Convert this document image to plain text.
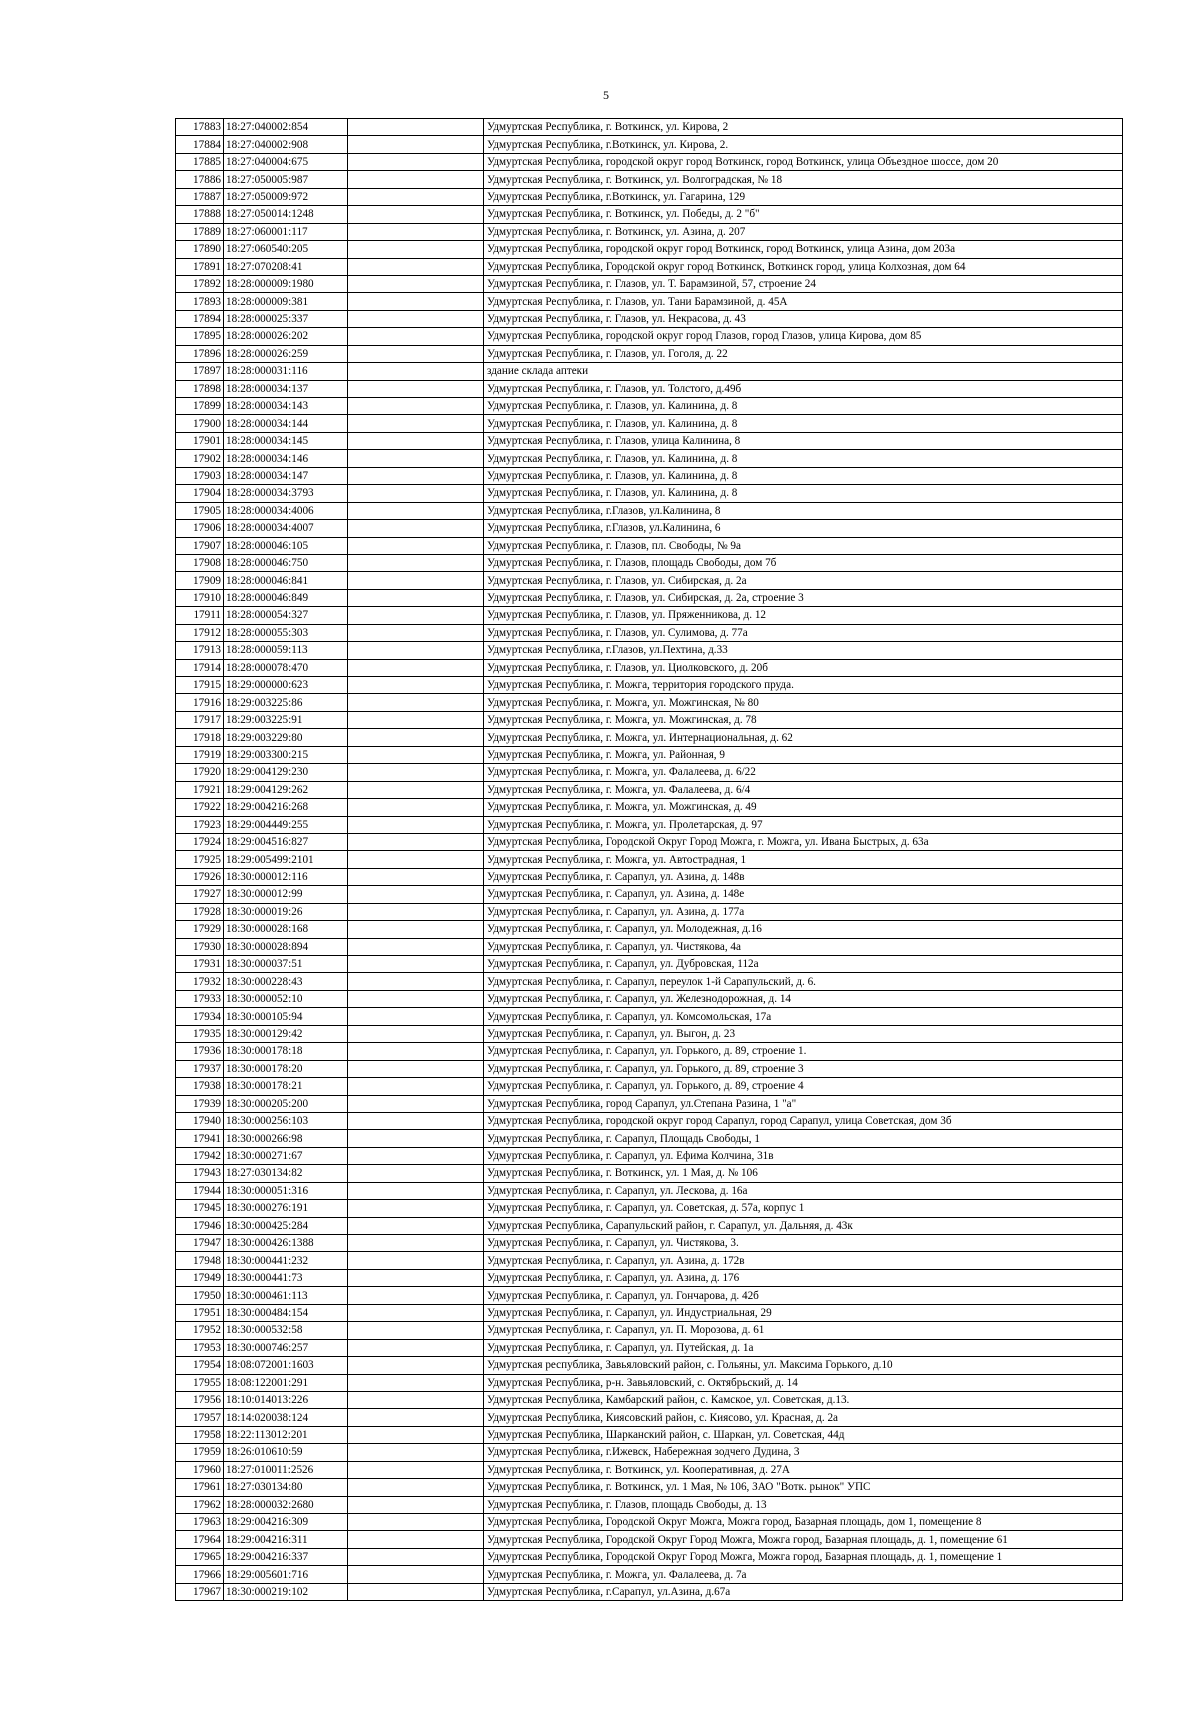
5
17883	18:27:040002:854		Удмуртская Республика, г. Воткинск, ул. Кирова, 2
17884	18:27:040002:908		Удмуртская Республика, г.Воткинск, ул. Кирова, 2.
17885	18:27:040004:675		Удмуртская Республика, городской округ город Воткинск, город Воткинск, улица Объездное шоссе, дом 20
17886	18:27:050005:987		Удмуртская Республика, г. Воткинск, ул. Волгоградская, № 18
17887	18:27:050009:972		Удмуртская Республика, г.Воткинск, ул. Гагарина, 129
17888	18:27:050014:1248		Удмуртская Республика, г. Воткинск, ул. Победы, д. 2 "б"
17889	18:27:060001:117		Удмуртская Республика, г. Воткинск, ул. Азина, д. 207
17890	18:27:060540:205		Удмуртская Республика, городской округ город Воткинск, город Воткинск, улица Азина, дом 203а
17891	18:27:070208:41		Удмуртская Республика, Городской округ город Воткинск, Воткинск город, улица Колхозная, дом 64
17892	18:28:000009:1980		Удмуртская Республика, г. Глазов, ул. Т. Барамзиной, 57, строение 24
17893	18:28:000009:381		Удмуртская Республика, г. Глазов, ул. Тани Барамзиной, д. 45А
17894	18:28:000025:337		Удмуртская Республика, г. Глазов, ул. Некрасова, д. 43
17895	18:28:000026:202		Удмуртская Республика, городской округ город Глазов, город Глазов, улица Кирова, дом 85
17896	18:28:000026:259		Удмуртская Республика, г. Глазов, ул. Гоголя, д. 22
17897	18:28:000031:116		здание склада аптеки
17898	18:28:000034:137		Удмуртская Республика, г. Глазов, ул. Толстого, д.49б
17899	18:28:000034:143		Удмуртская Республика, г. Глазов, ул. Калинина, д. 8
17900	18:28:000034:144		Удмуртская Республика, г. Глазов, ул. Калинина, д. 8
17901	18:28:000034:145		Удмуртская Республика, г. Глазов, улица Калинина, 8
17902	18:28:000034:146		Удмуртская Республика, г. Глазов, ул. Калинина, д. 8
17903	18:28:000034:147		Удмуртская Республика, г. Глазов, ул. Калинина, д. 8
17904	18:28:000034:3793		Удмуртская Республика, г. Глазов, ул. Калинина, д. 8
17905	18:28:000034:4006		Удмуртская Республика, г.Глазов, ул.Калинина, 8
17906	18:28:000034:4007		Удмуртская Республика, г.Глазов, ул.Калинина, 6
17907	18:28:000046:105		Удмуртская Республика, г. Глазов, пл. Свободы, № 9а
17908	18:28:000046:750		Удмуртская Республика, г. Глазов, площадь Свободы, дом 7б
17909	18:28:000046:841		Удмуртская Республика, г. Глазов, ул. Сибирская, д. 2а
17910	18:28:000046:849		Удмуртская Республика, г. Глазов, ул. Сибирская, д. 2а, строение 3
17911	18:28:000054:327		Удмуртская Республика, г. Глазов, ул. Пряженникова, д. 12
17912	18:28:000055:303		Удмуртская Республика, г. Глазов, ул. Сулимова, д. 77а
17913	18:28:000059:113		Удмуртская Республика, г.Глазов, ул.Пехтина, д.33
17914	18:28:000078:470		Удмуртская Республика, г. Глазов, ул. Циолковского, д. 20б
17915	18:29:000000:623		Удмуртская Республика, г. Можга, территория городского пруда.
17916	18:29:003225:86		Удмуртская Республика, г. Можга, ул. Можгинская, № 80
17917	18:29:003225:91		Удмуртская Республика, г. Можга, ул. Можгинская, д. 78
17918	18:29:003229:80		Удмуртская Республика, г. Можга, ул. Интернациональная, д. 62
17919	18:29:003300:215		Удмуртская Республика, г. Можга, ул. Районная, 9
17920	18:29:004129:230		Удмуртская Республика, г. Можга, ул. Фалалеева, д. 6/22
17921	18:29:004129:262		Удмуртская Республика, г. Можга, ул. Фалалеева, д. 6/4
17922	18:29:004216:268		Удмуртская Республика, г. Можга, ул. Можгинская, д. 49
17923	18:29:004449:255		Удмуртская Республика, г. Можга, ул. Пролетарская, д. 97
17924	18:29:004516:827		Удмуртская Республика, Городской Округ Город Можга, г. Можга, ул. Ивана Быстрых, д. 63а
17925	18:29:005499:2101		Удмуртская Республика, г. Можга, ул. Автострадная, 1
17926	18:30:000012:116		Удмуртская Республика, г. Сарапул, ул. Азина, д. 148в
17927	18:30:000012:99		Удмуртская Республика, г. Сарапул, ул. Азина, д. 148е
17928	18:30:000019:26		Удмуртская Республика, г. Сарапул, ул. Азина, д. 177а
17929	18:30:000028:168		Удмуртская Республика, г. Сарапул, ул. Молодежная, д.16
17930	18:30:000028:894		Удмуртская Республика, г. Сарапул, ул. Чистякова, 4а
17931	18:30:000037:51		Удмуртская Республика, г. Сарапул, ул. Дубровская, 112а
17932	18:30:000228:43		Удмуртская Республика, г. Сарапул, переулок 1-й Сарапульский, д. 6.
17933	18:30:000052:10		Удмуртская Республика, г. Сарапул, ул. Железнодорожная, д. 14
17934	18:30:000105:94		Удмуртская Республика, г. Сарапул, ул. Комсомольская, 17а
17935	18:30:000129:42		Удмуртская Республика, г. Сарапул, ул. Выгон, д. 23
17936	18:30:000178:18		Удмуртская Республика, г. Сарапул, ул. Горького, д. 89, строение 1.
17937	18:30:000178:20		Удмуртская Республика, г. Сарапул, ул. Горького, д. 89, строение 3
17938	18:30:000178:21		Удмуртская Республика, г. Сарапул, ул. Горького, д. 89, строение 4
17939	18:30:000205:200		Удмуртская Республика, город Сарапул, ул.Степана Разина, 1 "а"
17940	18:30:000256:103		Удмуртская Республика, городской округ город Сарапул, город Сарапул, улица Советская, дом 3б
17941	18:30:000266:98		Удмуртская Республика, г. Сарапул, Площадь Свободы, 1
17942	18:30:000271:67		Удмуртская Республика, г. Сарапул, ул. Ефима Колчина, 31в
17943	18:27:030134:82		Удмуртская Республика, г. Воткинск, ул. 1 Мая, д. № 106
17944	18:30:000051:316		Удмуртская Республика, г. Сарапул, ул. Лескова, д. 16а
17945	18:30:000276:191		Удмуртская Республика, г. Сарапул, ул. Советская, д. 57а, корпус 1
17946	18:30:000425:284		Удмуртская Республика, Сарапульский район, г. Сарапул, ул. Дальняя, д. 43к
17947	18:30:000426:1388		Удмуртская Республика, г. Сарапул, ул. Чистякова, 3.
17948	18:30:000441:232		Удмуртская Республика, г. Сарапул, ул. Азина, д. 172в
17949	18:30:000441:73		Удмуртская Республика, г. Сарапул, ул. Азина, д. 176
17950	18:30:000461:113		Удмуртская Республика, г. Сарапул, ул. Гончарова, д. 42б
17951	18:30:000484:154		Удмуртская Республика, г. Сарапул, ул. Индустриальная, 29
17952	18:30:000532:58		Удмуртская Республика, г. Сарапул, ул. П. Морозова, д. 61
17953	18:30:000746:257		Удмуртская Республика, г. Сарапул, ул. Путейская, д. 1а
17954	18:08:072001:1603		Удмуртская республика, Завьяловский район, с. Гольяны, ул. Максима Горького, д.10
17955	18:08:122001:291		Удмуртская Республика, р-н. Завьяловский, с. Октябрьский, д. 14
17956	18:10:014013:226		Удмуртская Республика, Камбарский район, с. Камское, ул. Советская, д.13.
17957	18:14:020038:124		Удмуртская Республика, Киясовский район, с. Киясово, ул. Красная, д. 2а
17958	18:22:113012:201		Удмуртская Республика, Шарканский район, с. Шаркан, ул. Советская, 44д
17959	18:26:010610:59		Удмуртская Республика, г.Ижевск, Набережная зодчего Дудина, 3
17960	18:27:010011:2526		Удмуртская Республика, г. Воткинск, ул. Кооперативная, д. 27А
17961	18:27:030134:80		Удмуртская Республика, г. Воткинск, ул. 1 Мая, № 106, ЗАО "Вотк. рынок" УПС
17962	18:28:000032:2680		Удмуртская Республика, г. Глазов, площадь Свободы, д. 13
17963	18:29:004216:309		Удмуртская Республика, Городской Округ Можга, Можга город, Базарная площадь, дом 1, помещение 8
17964	18:29:004216:311		Удмуртская Республика, Городской Округ Город Можга, Можга город, Базарная площадь, д. 1, помещение 61
17965	18:29:004216:337		Удмуртская Республика, Городской Округ Город Можга, Можга город, Базарная площадь, д. 1, помещение 1
17966	18:29:005601:716		Удмуртская Республика, г. Можга, ул. Фалалеева, д. 7а
17967	18:30:000219:102		Удмуртская Республика, г.Сарапул, ул.Азина, д.67а
